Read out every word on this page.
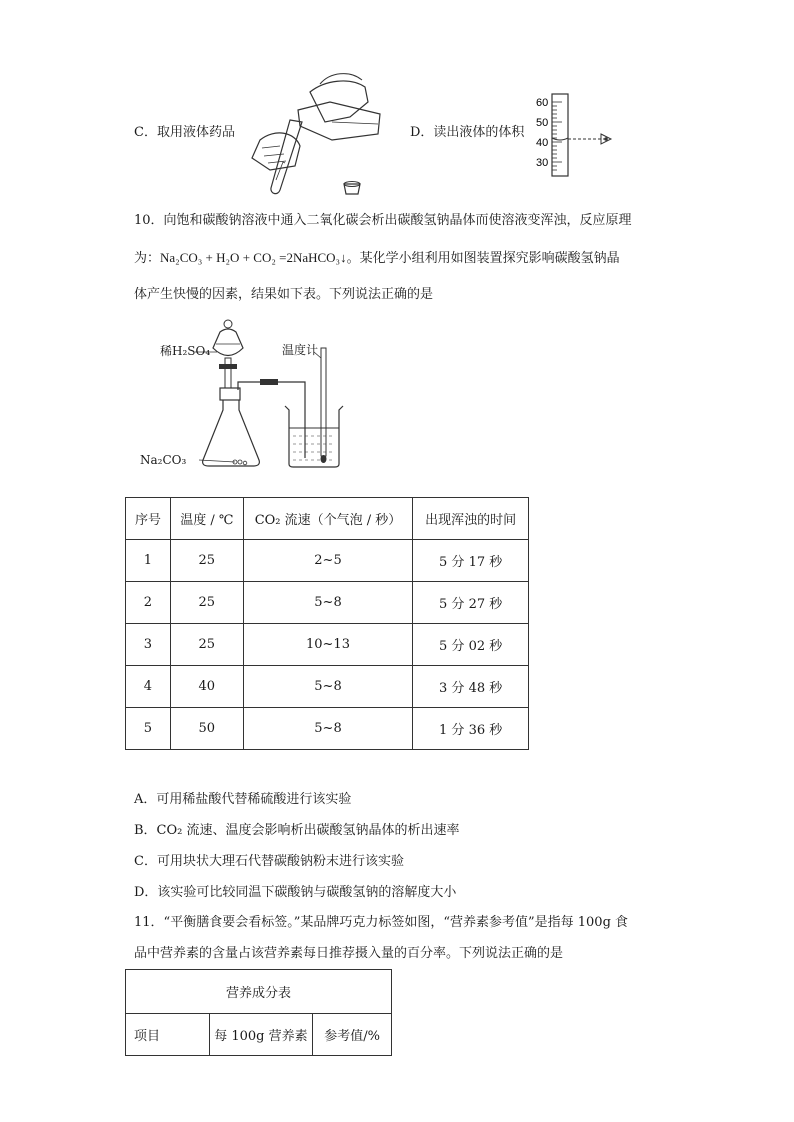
C．取用液体药品	D．读出液体的体积
60
50
40
30
10．向饱和碳酸钠溶液中通入二氧化碳会析出碳酸氢钠晶体而使溶液变浑浊，反应原理
为：Na₂CO₃ + H₂O + CO₂ =2NaHCO₃↓。某化学小组利用如图装置探究影响碳酸氢钠晶
体产生快慢的因素，结果如下表。下列说法正确的是
稀H₂SO₄	温度计
Na₂CO₃
序号	温度 / ℃	CO₂ 流速（个气泡 / 秒）	出现浑浊的时间
1	25	2~5	5 分 17 秒
2	25	5~8	5 分 27 秒
3	25	10~13	5 分 02 秒
4	40	5~8	3 分 48 秒
5	50	5~8	1 分 36 秒
A．可用稀盐酸代替稀硫酸进行该实验
B．CO₂ 流速、温度会影响析出碳酸氢钠晶体的析出速率
C．可用块状大理石代替碳酸钠粉末进行该实验
D．该实验可比较同温下碳酸钠与碳酸氢钠的溶解度大小
11．“平衡膳食要会看标签。”某品牌巧克力标签如图，“营养素参考值”是指每 100g 食
品中营养素的含量占该营养素每日推荐摄入量的百分率。下列说法正确的是
营养成分表
项目	每 100g 营养素	参考值/%
